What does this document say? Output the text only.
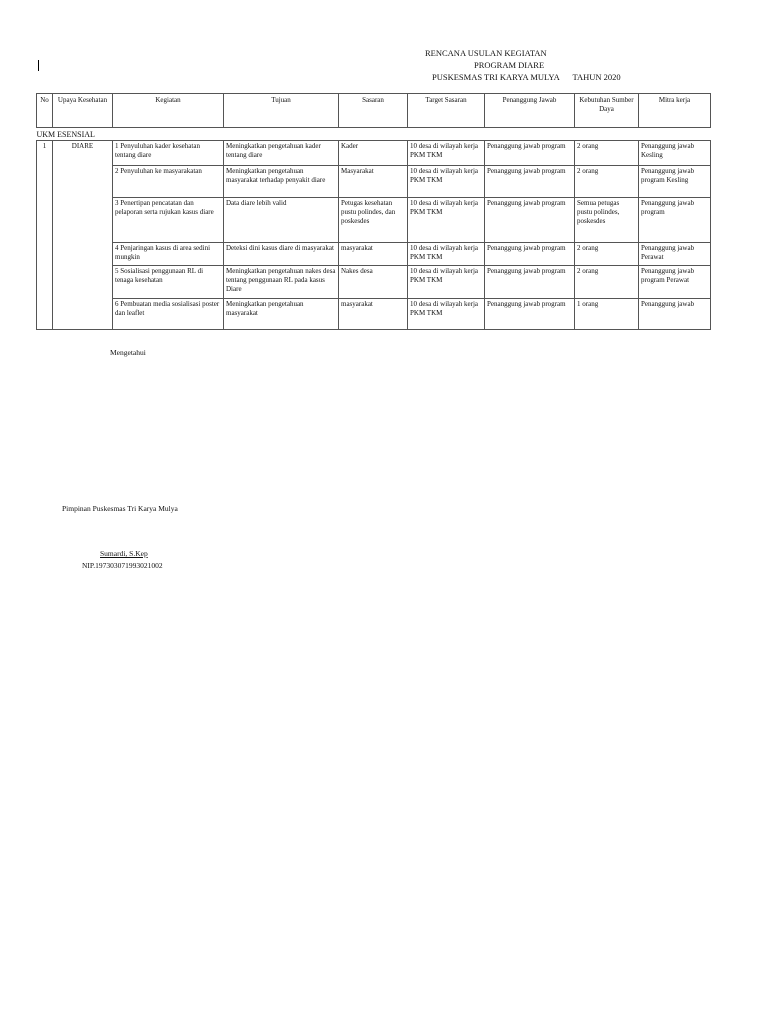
RENCANA USULAN KEGIATAN
PROGRAM DIARE
PUSKESMAS TRI KARYA MULYA TAHUN 2020
No	Upaya Kesehatan	Kegiatan	Tujuan	Sasaran	Target Sasaran	Penanggung Jawab	Kebutuhan Sumber Daya	Mitra kerja
UKM ESENSIAL								
1	DIARE	1 Penyuluhan kader kesehatan tentang diare	Meningkatkan pengetahuan kader tentang diare	Kader	10 desa di wilayah kerja PKM TKM	Penanggung jawab program	2 orang	Penanggung jawab Kesling
		2 Penyuluhan ke masyarakatan	Meningkatkan pengetahuan masyarakat terhadap penyakit diare	Masyarakat	10 desa di wilayah kerja PKM TKM	Penanggung jawab program	2 orang	Penanggung jawab program Kesling
		3 Penertipan pencatatan dan pelaporan serta rujukan kasus diare	Data diare lebih valid	Petugas kesehatan pustu polindes, dan poskesdes	10 desa di wilayah kerja PKM TKM	Penanggung jawab program	Semua petugas pustu polindes, poskesdes	Penanggung jawab program
		4 Penjaringan kasus di area sedini mungkin	Deteksi dini kasus diare di masyarakat	masyarakat	10 desa di wilayah kerja PKM TKM	Penanggung jawab program	2 orang	Penanggung jawab Perawat
		5 Sosialisasi penggunaan RL di tenaga kesehatan	Meningkatkan pengetahuan nakes desa tentang penggunaan RL pada kasus Diare	Nakes desa	10 desa di wilayah kerja PKM TKM	Penanggung jawab program	2 orang	Penanggung jawab program Perawat
		6 Pembuatan media sosialisasi poster dan leaflet	Meningkatkan pengetahuan masyarakat	masyarakat	10 desa di wilayah kerja PKM TKM	Penanggung jawab program	1 orang	Penanggung jawab
Mengetahui
Pimpinan Puskesmas Tri Karya Mulya
Sumardi, S.Kep
NIP.197303071993021002
